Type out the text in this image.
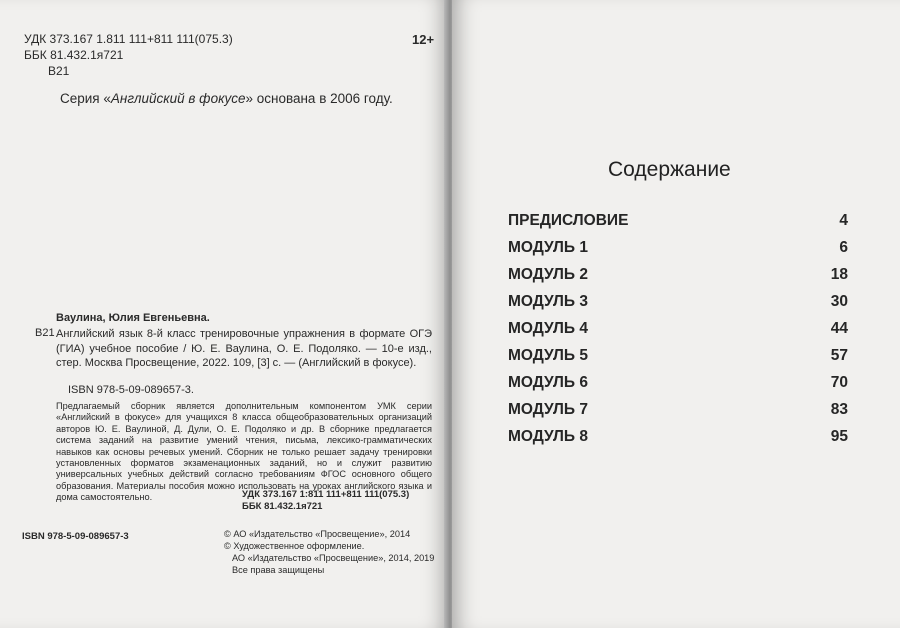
УДК 373.167 1.811 111+811 111(075.3)
ББК 81.432.1я721
В21
12+
Серия «Английский в фокусе» основана в 2006 году.
Ваулина, Юлия Евгеньевна.
В21 Английский язык 8-й класс тренировочные упражнения в формате ОГЭ (ГИА) учебное пособие / Ю. Е. Ваулина, О. Е. Подоляко. — 10-е изд., стер. Москва Просвещение, 2022. 109, [3] с. — (Английский в фокусе).
ISBN 978-5-09-089657-3.
Предлагаемый сборник является дополнительным компонентом УМК серии «Английский в фокусе» для учащихся 8 класса общеобразовательных организаций авторов Ю. Е. Ваулиной, Д. Дули, О. Е. Подоляко и др. В сборнике предлагается система заданий на развитие умений чтения, письма, лексико-грамматических навыков как основы речевых умений. Сборник не только решает задачу тренировки установленных форматов экзаменационных заданий, но и служит развитию универсальных учебных действий согласно требованиям ФГОС основного общего образования. Материалы пособия можно использовать на уроках английского языка и дома самостоятельно.	УДК 373.167 1:811 111+811 111(075.3)
ББК 81.432.1я721
ISBN 978-5-09-089657-3	© АО «Издательство «Просвещение», 2014
© Художественное оформление.
АО «Издательство «Просвещение», 2014, 2019
Все права защищены
Содержание
ПРЕДИСЛОВИЕ	4
МОДУЛЬ 1	6
МОДУЛЬ 2	18
МОДУЛЬ 3	30
МОДУЛЬ 4	44
МОДУЛЬ 5	57
МОДУЛЬ 6	70
МОДУЛЬ 7	83
МОДУЛЬ 8	95
